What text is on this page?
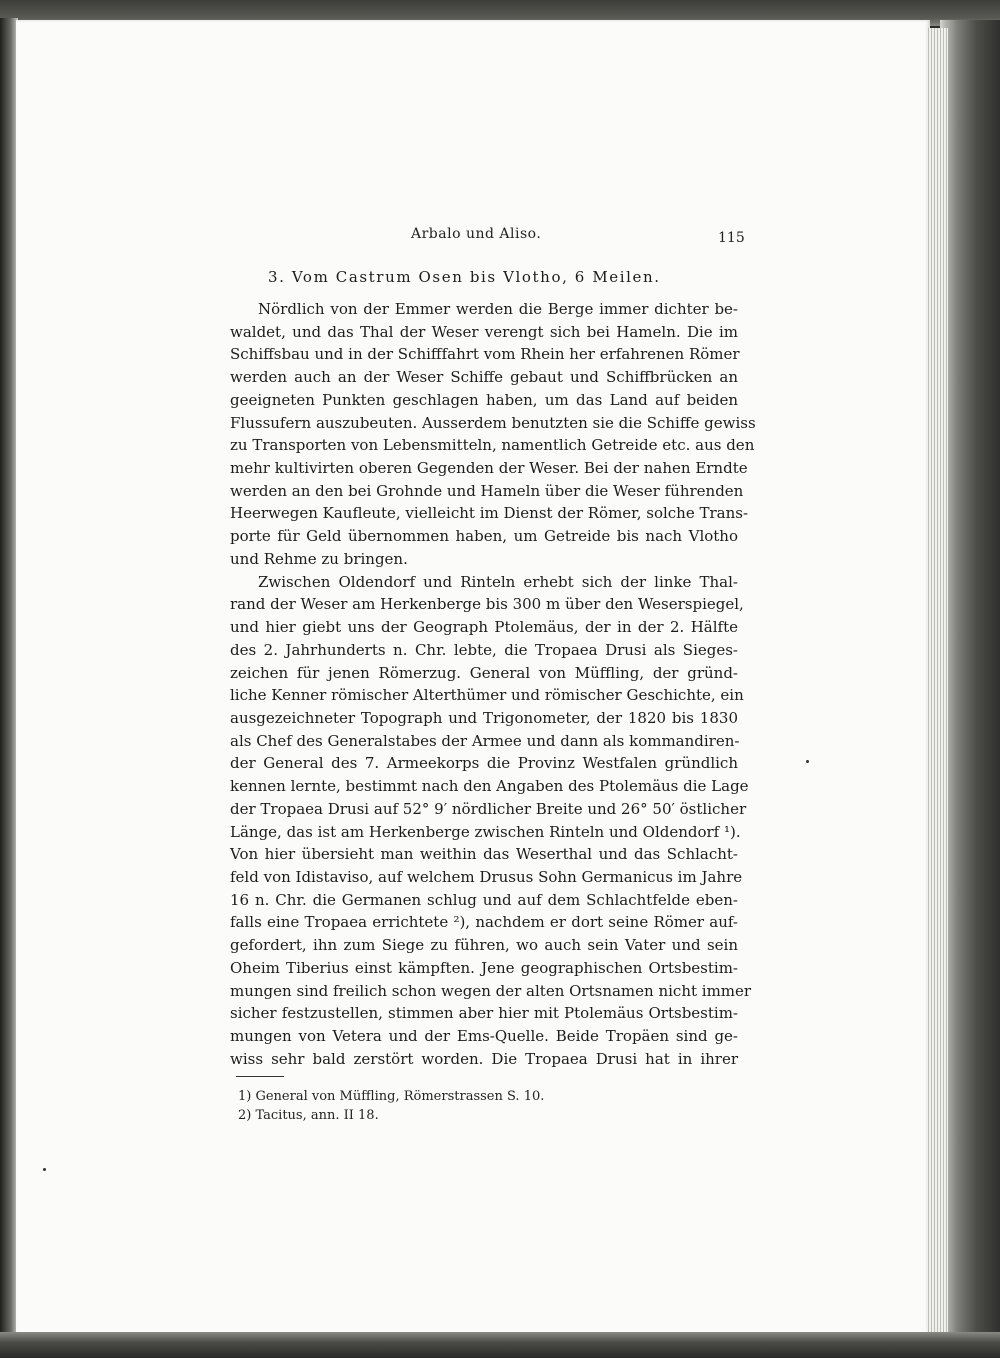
Arbalo und Aliso.	115
3. Vom Castrum Osen bis Vlotho, 6 Meilen.
Nördlich von der Emmer werden die Berge immer dichter be-
waldet, und das Thal der Weser verengt sich bei Hameln. Die im
Schiffsbau und in der Schifffahrt vom Rhein her erfahrenen Römer
werden auch an der Weser Schiffe gebaut und Schiffbrücken an
geeigneten Punkten geschlagen haben, um das Land auf beiden
Flussufern auszubeuten. Ausserdem benutzten sie die Schiffe gewiss
zu Transporten von Lebensmitteln, namentlich Getreide etc. aus den
mehr kultivirten oberen Gegenden der Weser. Bei der nahen Erndte
werden an den bei Grohnde und Hameln über die Weser führenden
Heerwegen Kaufleute, vielleicht im Dienst der Römer, solche Trans-
porte für Geld übernommen haben, um Getreide bis nach Vlotho
und Rehme zu bringen.
Zwischen Oldendorf und Rinteln erhebt sich der linke Thal-
rand der Weser am Herkenberge bis 300 m über den Weserspiegel,
und hier giebt uns der Geograph Ptolemäus, der in der 2. Hälfte
des 2. Jahrhunderts n. Chr. lebte, die Tropaea Drusi als Sieges-
zeichen für jenen Römerzug. General von Müffling, der gründ-
liche Kenner römischer Alterthümer und römischer Geschichte, ein
ausgezeichneter Topograph und Trigonometer, der 1820 bis 1830
als Chef des Generalstabes der Armee und dann als kommandiren-
der General des 7. Armeekorps die Provinz Westfalen gründlich
kennen lernte, bestimmt nach den Angaben des Ptolemäus die Lage
der Tropaea Drusi auf 52° 9′ nördlicher Breite und 26° 50′ östlicher
Länge, das ist am Herkenberge zwischen Rinteln und Oldendorf ¹).
Von hier übersieht man weithin das Weserthal und das Schlacht-
feld von Idistaviso, auf welchem Drusus Sohn Germanicus im Jahre
16 n. Chr. die Germanen schlug und auf dem Schlachtfelde eben-
falls eine Tropaea errichtete ²), nachdem er dort seine Römer auf-
gefordert, ihn zum Siege zu führen, wo auch sein Vater und sein
Oheim Tiberius einst kämpften. Jene geographischen Ortsbestim-
mungen sind freilich schon wegen der alten Ortsnamen nicht immer
sicher festzustellen, stimmen aber hier mit Ptolemäus Ortsbestim-
mungen von Vetera und der Ems-Quelle. Beide Tropäen sind ge-
wiss sehr bald zerstört worden. Die Tropaea Drusi hat in ihrer
1) General von Müffling, Römerstrassen S. 10.
2) Tacitus, ann. II 18.
